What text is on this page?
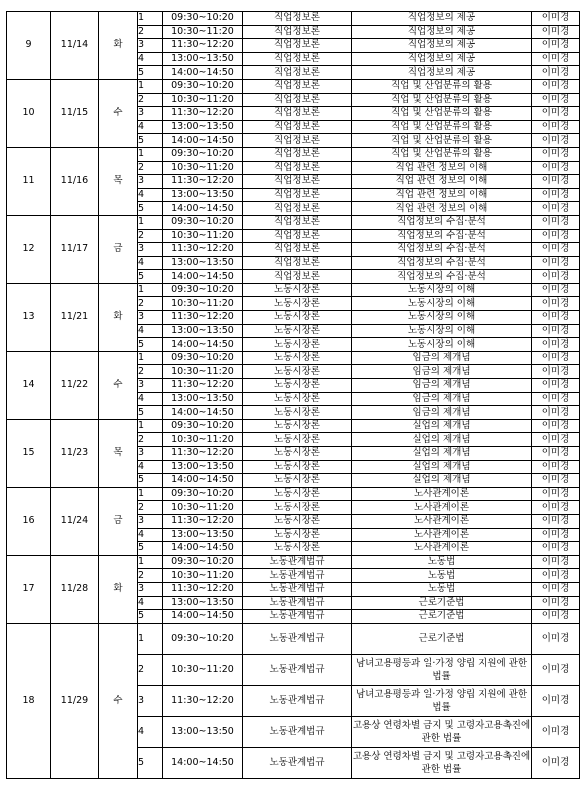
9	11/14	화	1	09:30~10:20	직업정보론	직업정보의 제공	이미경
			2	10:30~11:20	직업정보론	직업정보의 제공	이미경
			3	11:30~12:20	직업정보론	직업정보의 제공	이미경
			4	13:00~13:50	직업정보론	직업정보의 제공	이미경
			5	14:00~14:50	직업정보론	직업정보의 제공	이미경
10	11/15	수	1	09:30~10:20	직업정보론	직업 및 산업분류의 활용	이미경
			2	10:30~11:20	직업정보론	직업 및 산업분류의 활용	이미경
			3	11:30~12:20	직업정보론	직업 및 산업분류의 활용	이미경
			4	13:00~13:50	직업정보론	직업 및 산업분류의 활용	이미경
			5	14:00~14:50	직업정보론	직업 및 산업분류의 활용	이미경
11	11/16	목	1	09:30~10:20	직업정보론	직업 및 산업분류의 활용	이미경
			2	10:30~11:20	직업정보론	직업 관련 정보의 이해	이미경
			3	11:30~12:20	직업정보론	직업 관련 정보의 이해	이미경
			4	13:00~13:50	직업정보론	직업 관련 정보의 이해	이미경
			5	14:00~14:50	직업정보론	직업 관련 정보의 이해	이미경
12	11/17	금	1	09:30~10:20	직업정보론	직업정보의 수집·분석	이미경
			2	10:30~11:20	직업정보론	직업정보의 수집·분석	이미경
			3	11:30~12:20	직업정보론	직업정보의 수집·분석	이미경
			4	13:00~13:50	직업정보론	직업정보의 수집·분석	이미경
			5	14:00~14:50	직업정보론	직업정보의 수집·분석	이미경
13	11/21	화	1	09:30~10:20	노동시장론	노동시장의 이해	이미경
			2	10:30~11:20	노동시장론	노동시장의 이해	이미경
			3	11:30~12:20	노동시장론	노동시장의 이해	이미경
			4	13:00~13:50	노동시장론	노동시장의 이해	이미경
			5	14:00~14:50	노동시장론	노동시장의 이해	이미경
14	11/22	수	1	09:30~10:20	노동시장론	임금의 제개념	이미경
			2	10:30~11:20	노동시장론	임금의 제개념	이미경
			3	11:30~12:20	노동시장론	임금의 제개념	이미경
			4	13:00~13:50	노동시장론	임금의 제개념	이미경
			5	14:00~14:50	노동시장론	임금의 제개념	이미경
15	11/23	목	1	09:30~10:20	노동시장론	실업의 제개념	이미경
			2	10:30~11:20	노동시장론	실업의 제개념	이미경
			3	11:30~12:20	노동시장론	실업의 제개념	이미경
			4	13:00~13:50	노동시장론	실업의 제개념	이미경
			5	14:00~14:50	노동시장론	실업의 제개념	이미경
16	11/24	금	1	09:30~10:20	노동시장론	노사관계이론	이미경
			2	10:30~11:20	노동시장론	노사관계이론	이미경
			3	11:30~12:20	노동시장론	노사관계이론	이미경
			4	13:00~13:50	노동시장론	노사관계이론	이미경
			5	14:00~14:50	노동시장론	노사관계이론	이미경
17	11/28	화	1	09:30~10:20	노동관계법규	노동법	이미경
			2	10:30~11:20	노동관계법규	노동법	이미경
			3	11:30~12:20	노동관계법규	노동법	이미경
			4	13:00~13:50	노동관계법규	근로기준법	이미경
			5	14:00~14:50	노동관계법규	근로기준법	이미경
18	11/29	수	1	09:30~10:20	노동관계법규	근로기준법	이미경
			2	10:30~11:20	노동관계법규	남녀고용평등과 일·가정 양립 지원에 관한 법률	이미경
			3	11:30~12:20	노동관계법규	남녀고용평등과 일·가정 양립 지원에 관한 법률	이미경
			4	13:00~13:50	노동관계법규	고용상 연령차별 금지 및 고령자고용촉진에 관한 법률	이미경
			5	14:00~14:50	노동관계법규	고용상 연령차별 금지 및 고령자고용촉진에 관한 법률	이미경
